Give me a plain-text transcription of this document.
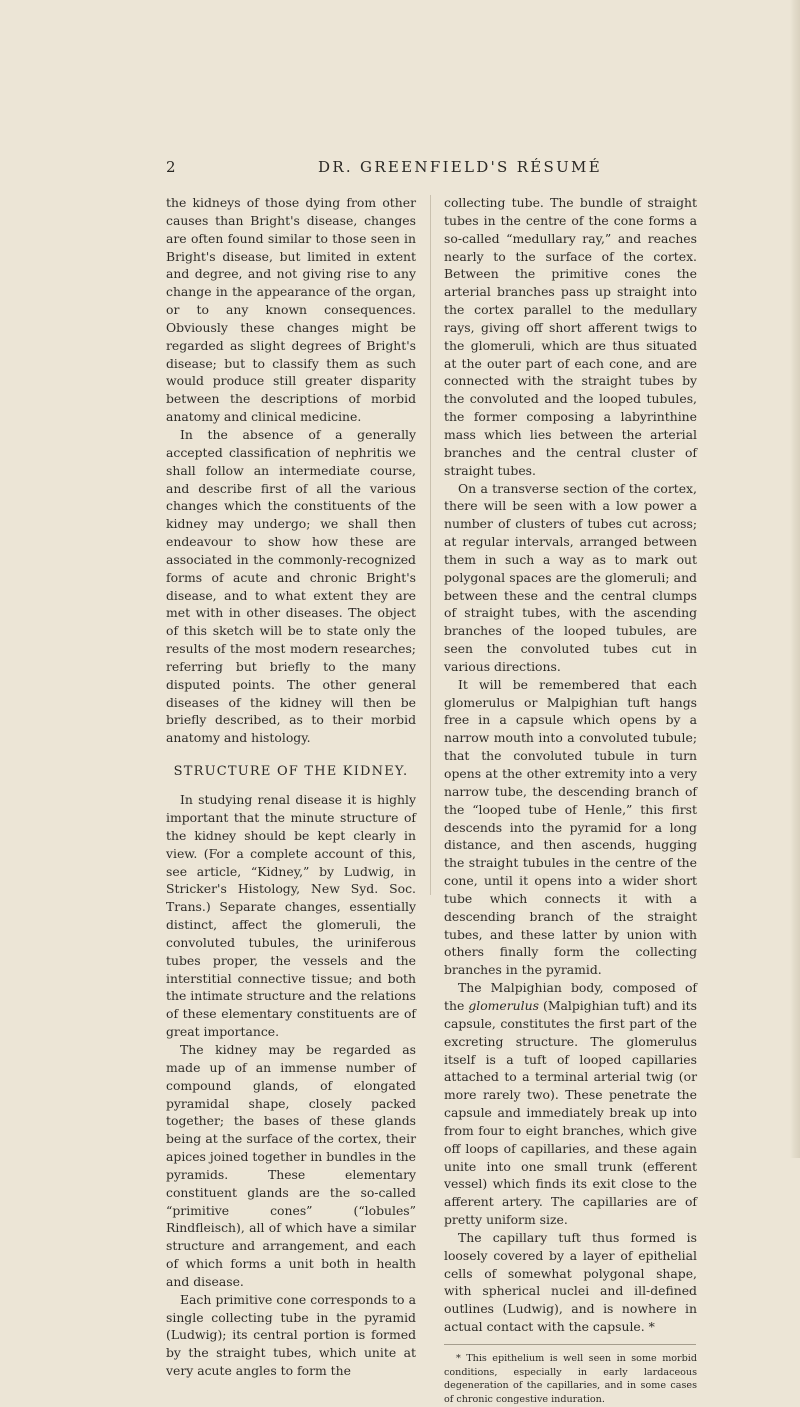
2	DR. GREENFIELD'S RÉSUMÉ

the kidneys of those dying from other causes than Bright's disease, changes are often found similar to those seen in Bright's disease, but limited in extent and degree, and not giving rise to any change in the appearance of the organ, or to any known consequences. Obviously these changes might be regarded as slight degrees of Bright's disease; but to classify them as such would produce still greater disparity between the descriptions of morbid anatomy and clinical medicine.

In the absence of a generally accepted classification of nephritis we shall follow an intermediate course, and describe first of all the various changes which the constituents of the kidney may undergo; we shall then endeavour to show how these are associated in the commonly-recognized forms of acute and chronic Bright's disease, and to what extent they are met with in other diseases. The object of this sketch will be to state only the results of the most modern researches; referring but briefly to the many disputed points. The other general diseases of the kidney will then be briefly described, as to their morbid anatomy and histology.

STRUCTURE OF THE KIDNEY.

In studying renal disease it is highly important that the minute structure of the kidney should be kept clearly in view. (For a complete account of this, see article, “Kidney,” by Ludwig, in Stricker's Histology, New Syd. Soc. Trans.) Separate changes, essentially distinct, affect the glomeruli, the convoluted tubules, the uriniferous tubes proper, the vessels and the interstitial connective tissue; and both the intimate structure and the relations of these elementary constituents are of great importance.

The kidney may be regarded as made up of an immense number of compound glands, of elongated pyramidal shape, closely packed together; the bases of these glands being at the surface of the cortex, their apices joined together in bundles in the pyramids. These elementary constituent glands are the so-called “primitive cones” (“lobules” Rindfleisch), all of which have a similar structure and arrangement, and each of which forms a unit both in health and disease.

Each primitive cone corresponds to a single collecting tube in the pyramid (Ludwig); its central portion is formed by the straight tubes, which unite at very acute angles to form the

collecting tube. The bundle of straight tubes in the centre of the cone forms a so-called “medullary ray,” and reaches nearly to the surface of the cortex. Between the primitive cones the arterial branches pass up straight into the cortex parallel to the medullary rays, giving off short afferent twigs to the glomeruli, which are thus situated at the outer part of each cone, and are connected with the straight tubes by the convoluted and the looped tubules, the former composing a labyrinthine mass which lies between the arterial branches and the central cluster of straight tubes.

On a transverse section of the cortex, there will be seen with a low power a number of clusters of tubes cut across; at regular intervals, arranged between them in such a way as to mark out polygonal spaces are the glomeruli; and between these and the central clumps of straight tubes, with the ascending branches of the looped tubules, are seen the convoluted tubes cut in various directions.

It will be remembered that each glomerulus or Malpighian tuft hangs free in a capsule which opens by a narrow mouth into a convoluted tubule; that the convoluted tubule in turn opens at the other extremity into a very narrow tube, the descending branch of the “looped tube of Henle,” this first descends into the pyramid for a long distance, and then ascends, hugging the straight tubules in the centre of the cone, until it opens into a wider short tube which connects it with a descending branch of the straight tubes, and these latter by union with others finally form the collecting branches in the pyramid.

The Malpighian body, composed of the glomerulus (Malpighian tuft) and its capsule, constitutes the first part of the excreting structure. The glomerulus itself is a tuft of looped capillaries attached to a terminal arterial twig (or more rarely two). These penetrate the capsule and immediately break up into from four to eight branches, which give off loops of capillaries, and these again unite into one small trunk (efferent vessel) which finds its exit close to the afferent artery. The capillaries are of pretty uniform size.

The capillary tuft thus formed is loosely covered by a layer of epithelial cells of somewhat polygonal shape, with spherical nuclei and ill-defined outlines (Ludwig), and is nowhere in actual contact with the capsule. *

* This epithelium is well seen in some morbid conditions, especially in early lardaceous degeneration of the capillaries, and in some cases of chronic congestive induration.
